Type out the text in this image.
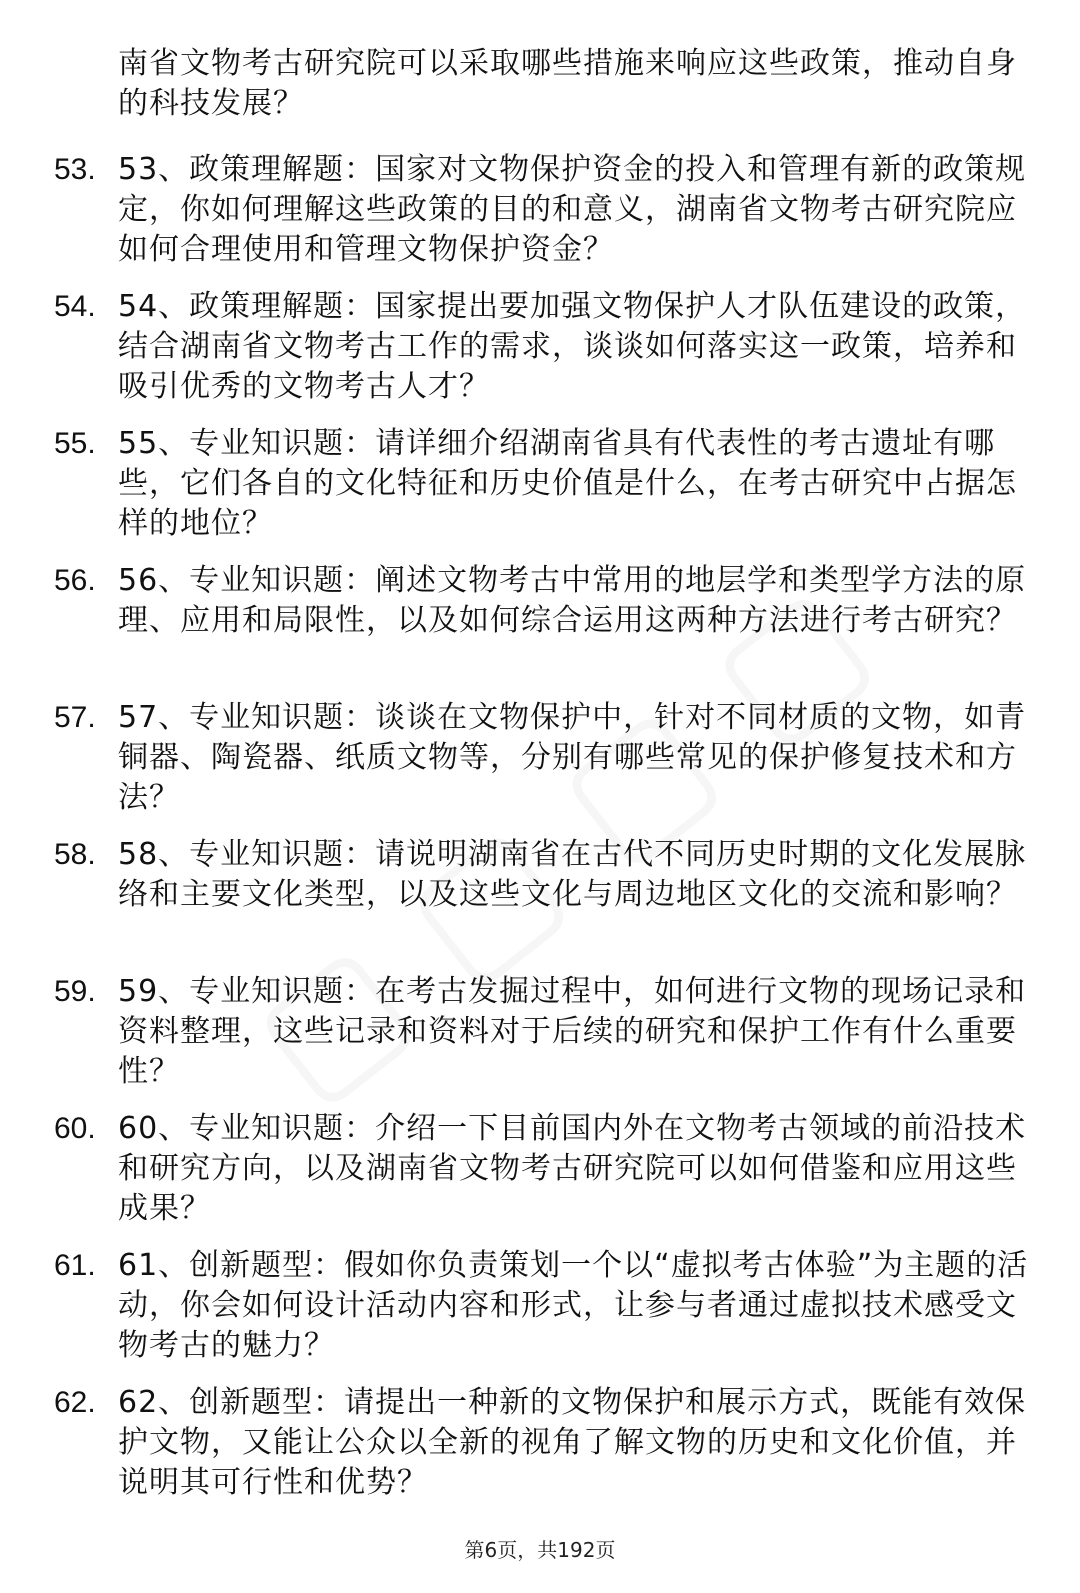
南省文物考古研究院可以采取哪些措施来响应这些政策，推动自身的科技发展？
53. 53、政策理解题：国家对文物保护资金的投入和管理有新的政策规定，你如何理解这些政策的目的和意义，湖南省文物考古研究院应如何合理使用和管理文物保护资金？
54. 54、政策理解题：国家提出要加强文物保护人才队伍建设的政策，结合湖南省文物考古工作的需求，谈谈如何落实这一政策，培养和吸引优秀的文物考古人才？
55. 55、专业知识题：请详细介绍湖南省具有代表性的考古遗址有哪些，它们各自的文化特征和历史价值是什么，在考古研究中占据怎样的地位？
56. 56、专业知识题：阐述文物考古中常用的地层学和类型学方法的原理、应用和局限性，以及如何综合运用这两种方法进行考古研究？
57. 57、专业知识题：谈谈在文物保护中，针对不同材质的文物，如青铜器、陶瓷器、纸质文物等，分别有哪些常见的保护修复技术和方法？
58. 58、专业知识题：请说明湖南省在古代不同历史时期的文化发展脉络和主要文化类型，以及这些文化与周边地区文化的交流和影响？
59. 59、专业知识题：在考古发掘过程中，如何进行文物的现场记录和资料整理，这些记录和资料对于后续的研究和保护工作有什么重要性？
60. 60、专业知识题：介绍一下目前国内外在文物考古领域的前沿技术和研究方向，以及湖南省文物考古研究院可以如何借鉴和应用这些成果？
61. 61、创新题型：假如你负责策划一个以“虚拟考古体验”为主题的活动，你会如何设计活动内容和形式，让参与者通过虚拟技术感受文物考古的魅力？
62. 62、创新题型：请提出一种新的文物保护和展示方式，既能有效保护文物，又能让公众以全新的视角了解文物的历史和文化价值，并说明其可行性和优势？
第6页，共192页
